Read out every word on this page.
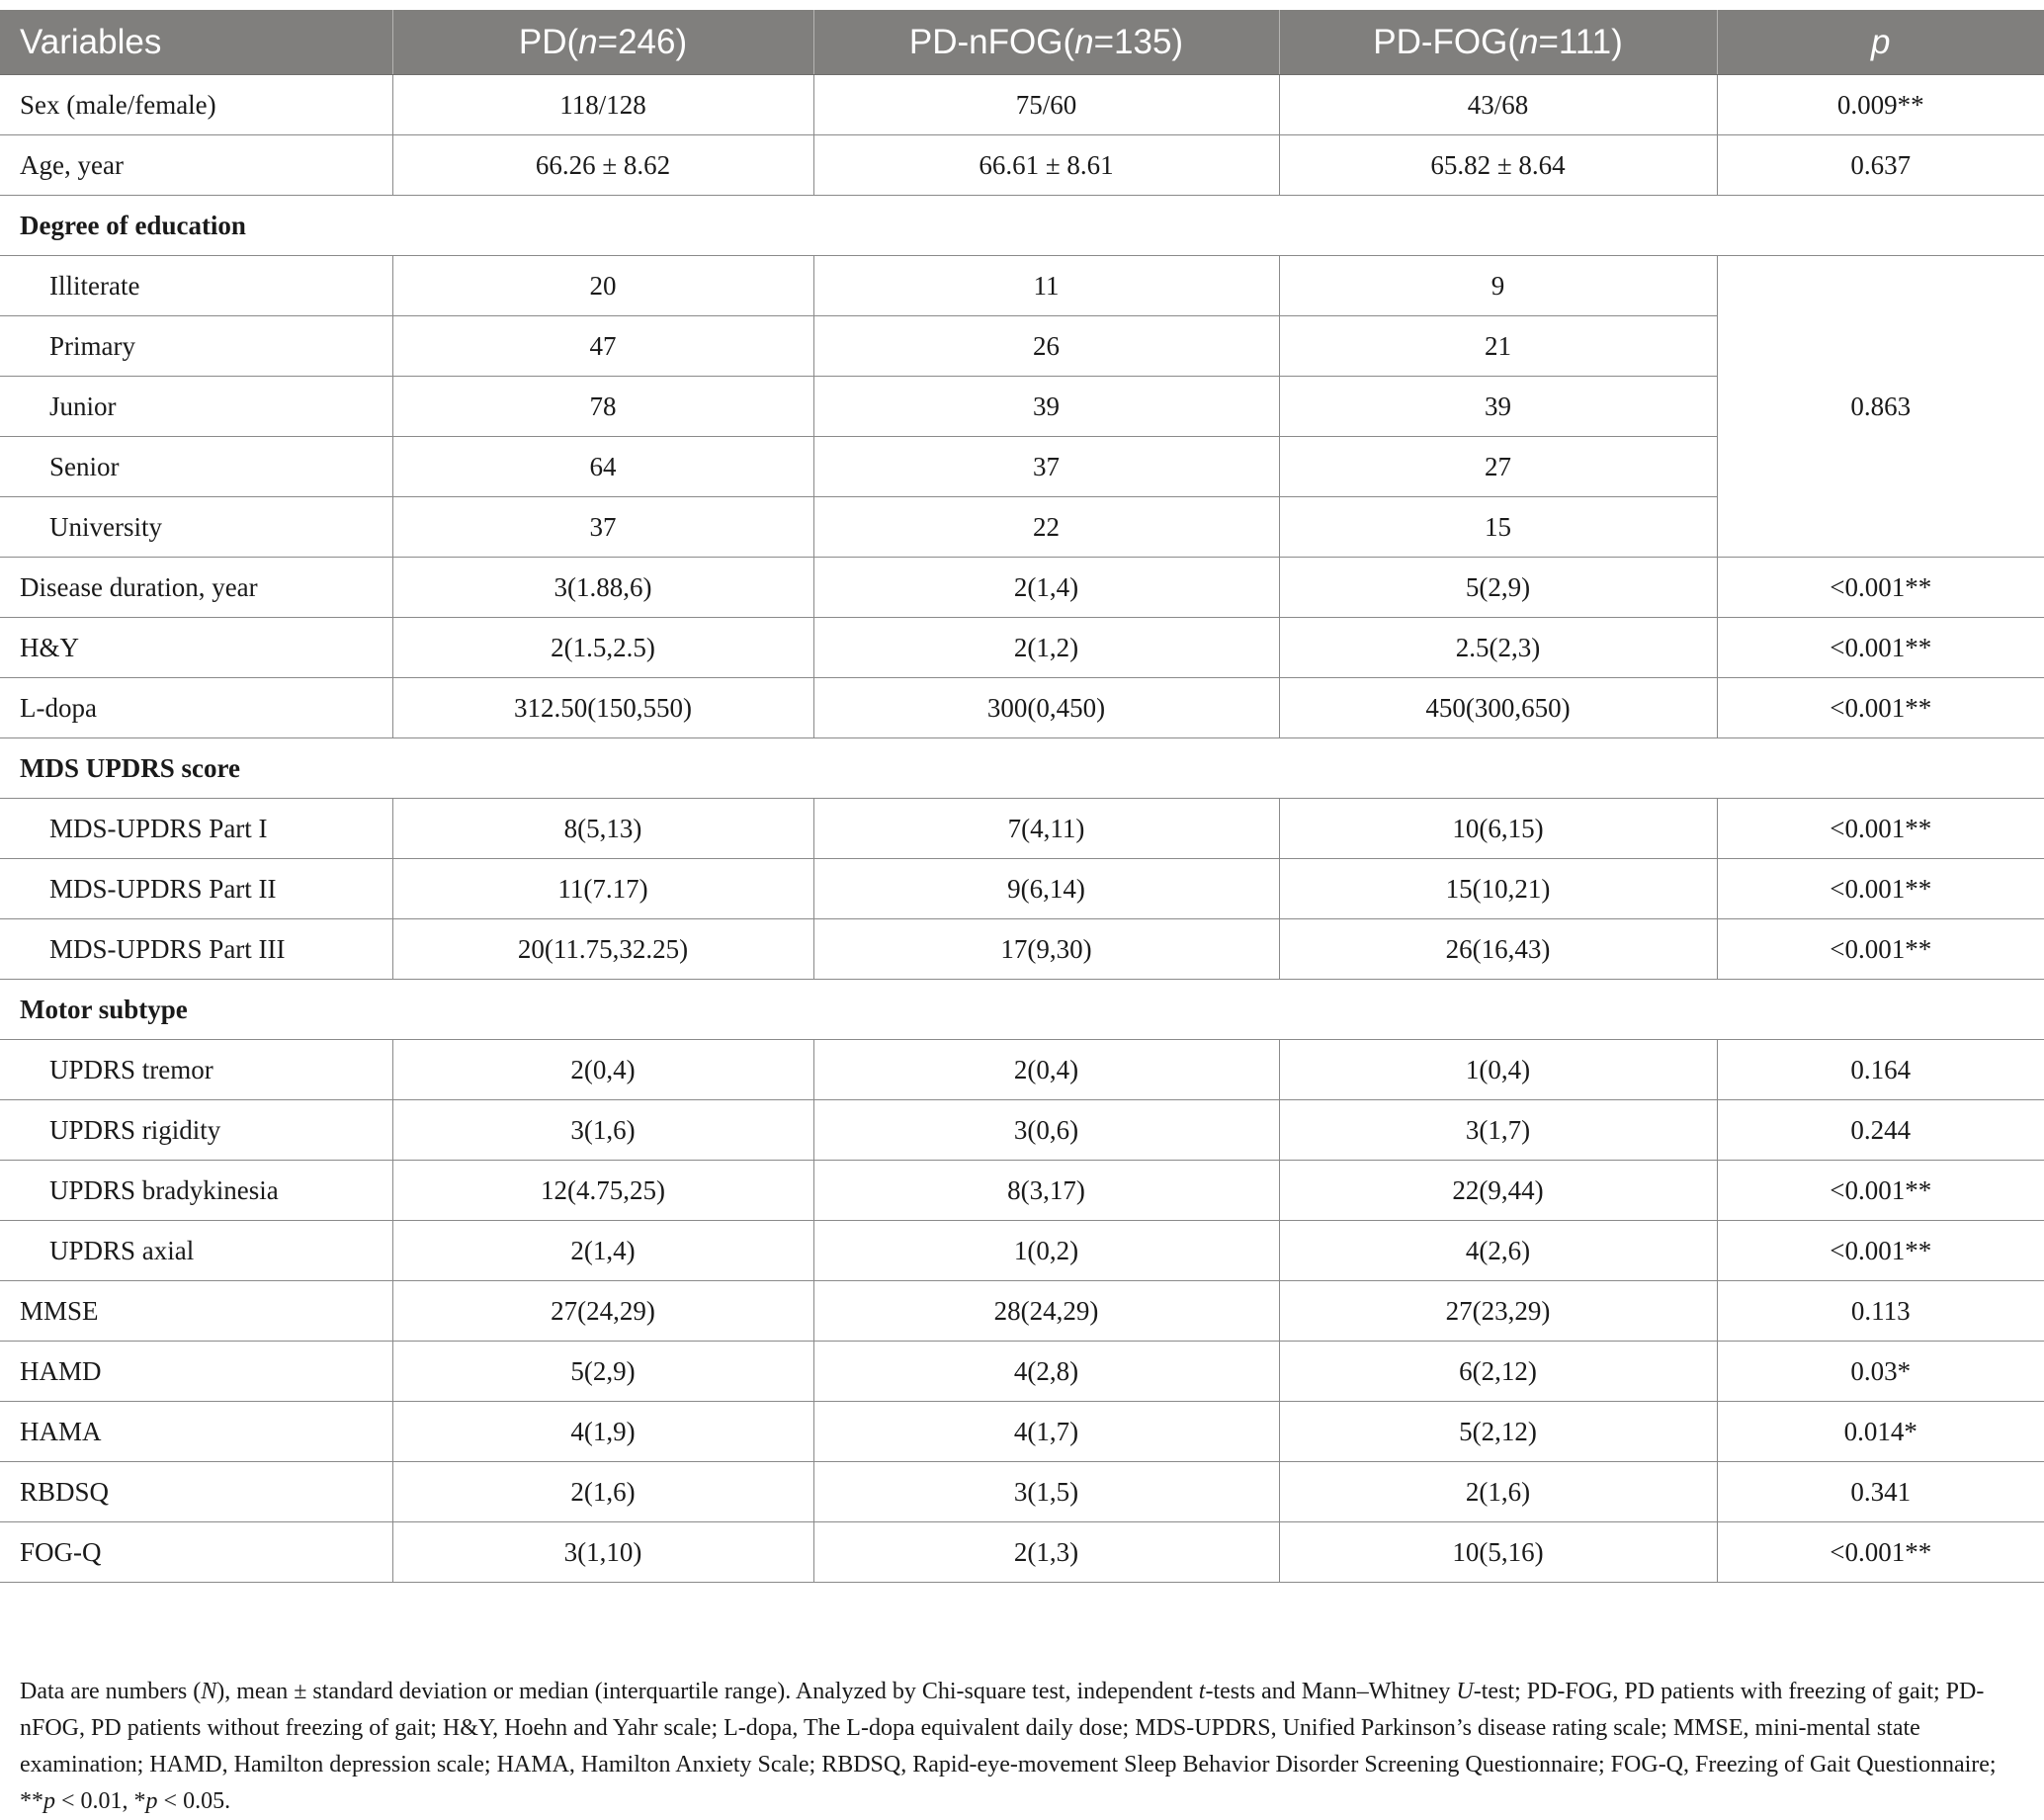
Variables	PD(n=246)	PD-nFOG(n=135)	PD-FOG(n=111)	p
Sex (male/female)	118/128	75/60	43/68	0.009**
Age, year	66.26 ± 8.62	66.61 ± 8.61	65.82 ± 8.64	0.637
Degree of education				
Illiterate	20	11	9	0.863
Primary	47	26	21	
Junior	78	39	39	
Senior	64	37	27	
University	37	22	15	
Disease duration, year	3(1.88,6)	2(1,4)	5(2,9)	<0.001**
H&Y	2(1.5,2.5)	2(1,2)	2.5(2,3)	<0.001**
L-dopa	312.50(150,550)	300(0,450)	450(300,650)	<0.001**
MDS UPDRS score				
MDS-UPDRS Part I	8(5,13)	7(4,11)	10(6,15)	<0.001**
MDS-UPDRS Part II	11(7.17)	9(6,14)	15(10,21)	<0.001**
MDS-UPDRS Part III	20(11.75,32.25)	17(9,30)	26(16,43)	<0.001**
Motor subtype				
UPDRS tremor	2(0,4)	2(0,4)	1(0,4)	0.164
UPDRS rigidity	3(1,6)	3(0,6)	3(1,7)	0.244
UPDRS bradykinesia	12(4.75,25)	8(3,17)	22(9,44)	<0.001**
UPDRS axial	2(1,4)	1(0,2)	4(2,6)	<0.001**
MMSE	27(24,29)	28(24,29)	27(23,29)	0.113
HAMD	5(2,9)	4(2,8)	6(2,12)	0.03*
HAMA	4(1,9)	4(1,7)	5(2,12)	0.014*
RBDSQ	2(1,6)	3(1,5)	2(1,6)	0.341
FOG-Q	3(1,10)	2(1,3)	10(5,16)	<0.001**
Data are numbers (N), mean ± standard deviation or median (interquartile range). Analyzed by Chi-square test, independent t-tests and Mann–Whitney U-test; PD-FOG, PD patients with freezing of gait; PD-nFOG, PD patients without freezing of gait; H&Y, Hoehn and Yahr scale; L-dopa, The L-dopa equivalent daily dose; MDS-UPDRS, Unified Parkinson’s disease rating scale; MMSE, mini-mental state examination; HAMD, Hamilton depression scale; HAMA, Hamilton Anxiety Scale; RBDSQ, Rapid-eye-movement Sleep Behavior Disorder Screening Questionnaire; FOG-Q, Freezing of Gait Questionnaire; **p < 0.01, *p < 0.05.
